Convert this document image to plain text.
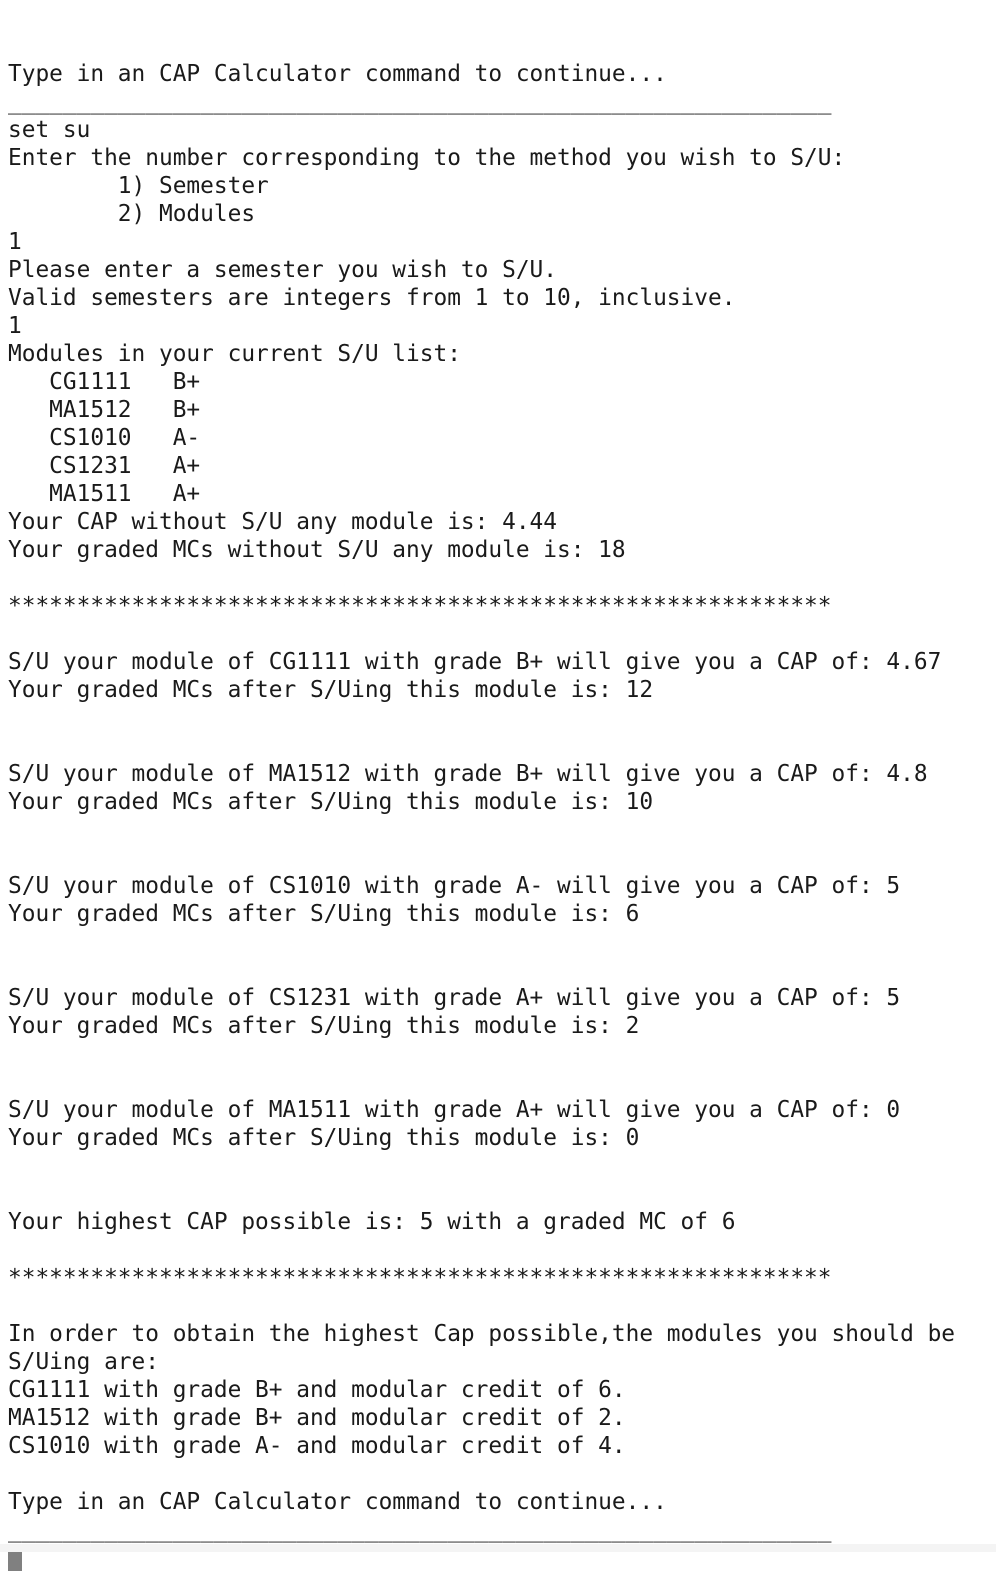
Type in an CAP Calculator command to continue...
____________________________________________________________
set su
Enter the number corresponding to the method you wish to S/U:
1) Semester
2) Modules
1
Please enter a semester you wish to S/U.
Valid semesters are integers from 1 to 10, inclusive.
1
Modules in your current S/U list:
CG1111   B+
MA1512   B+
CS1010   A-
CS1231   A+
MA1511   A+
Your CAP without S/U any module is: 4.44
Your graded MCs without S/U any module is: 18
************************************************************
S/U your module of CG1111 with grade B+ will give you a CAP of: 4.67
Your graded MCs after S/Uing this module is: 12
S/U your module of MA1512 with grade B+ will give you a CAP of: 4.8
Your graded MCs after S/Uing this module is: 10
S/U your module of CS1010 with grade A- will give you a CAP of: 5
Your graded MCs after S/Uing this module is: 6
S/U your module of CS1231 with grade A+ will give you a CAP of: 5
Your graded MCs after S/Uing this module is: 2
S/U your module of MA1511 with grade A+ will give you a CAP of: 0
Your graded MCs after S/Uing this module is: 0
Your highest CAP possible is: 5 with a graded MC of 6
************************************************************
In order to obtain the highest Cap possible,the modules you should be
S/Uing are:
CG1111 with grade B+ and modular credit of 6.
MA1512 with grade B+ and modular credit of 2.
CS1010 with grade A- and modular credit of 4.
Type in an CAP Calculator command to continue...
____________________________________________________________
